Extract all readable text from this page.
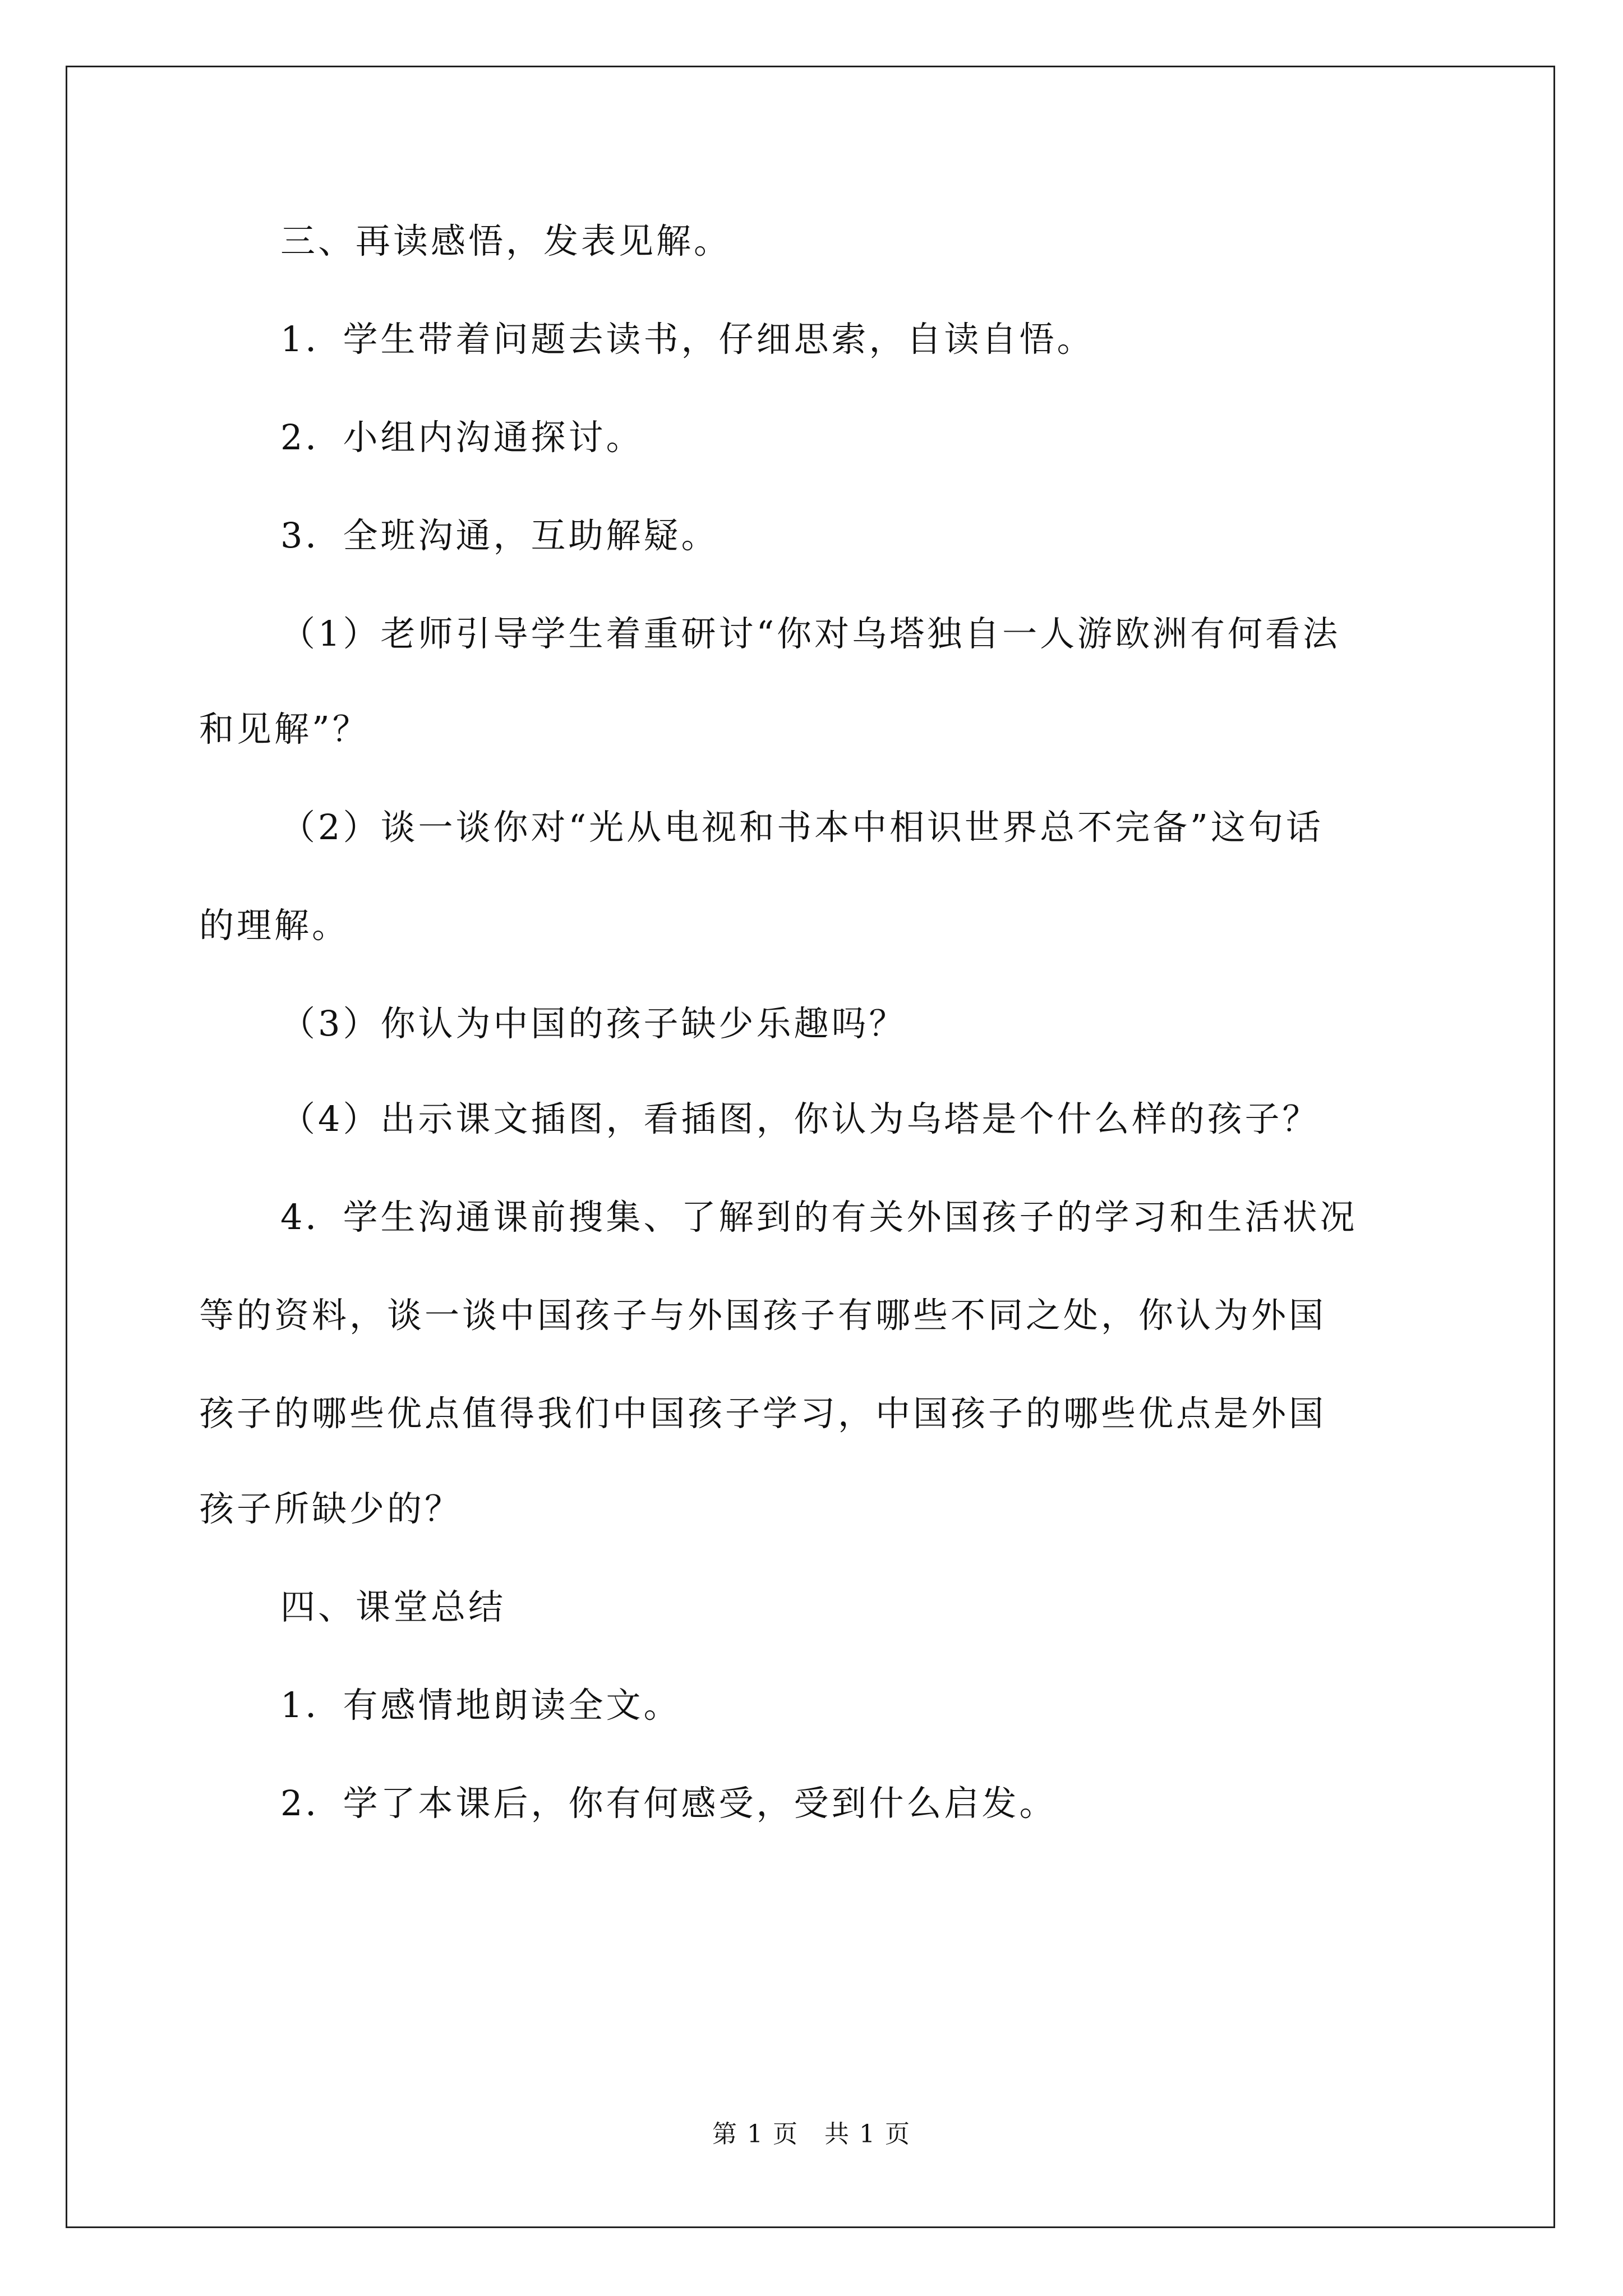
三、再读感悟，发表见解。
1．学生带着问题去读书，仔细思索，自读自悟。
2．小组内沟通探讨。
3．全班沟通，互助解疑。
（1）老师引导学生着重研讨“你对乌塔独自一人游欧洲有何看法
和见解”？
（2）谈一谈你对“光从电视和书本中相识世界总不完备”这句话
的理解。
（3）你认为中国的孩子缺少乐趣吗？
（4）出示课文插图，看插图，你认为乌塔是个什么样的孩子？
4．学生沟通课前搜集、了解到的有关外国孩子的学习和生活状况
等的资料，谈一谈中国孩子与外国孩子有哪些不同之处，你认为外国
孩子的哪些优点值得我们中国孩子学习，中国孩子的哪些优点是外国
孩子所缺少的？
四、课堂总结
1．有感情地朗读全文。
2．学了本课后，你有何感受，受到什么启发。
第 1 页　共 1 页
